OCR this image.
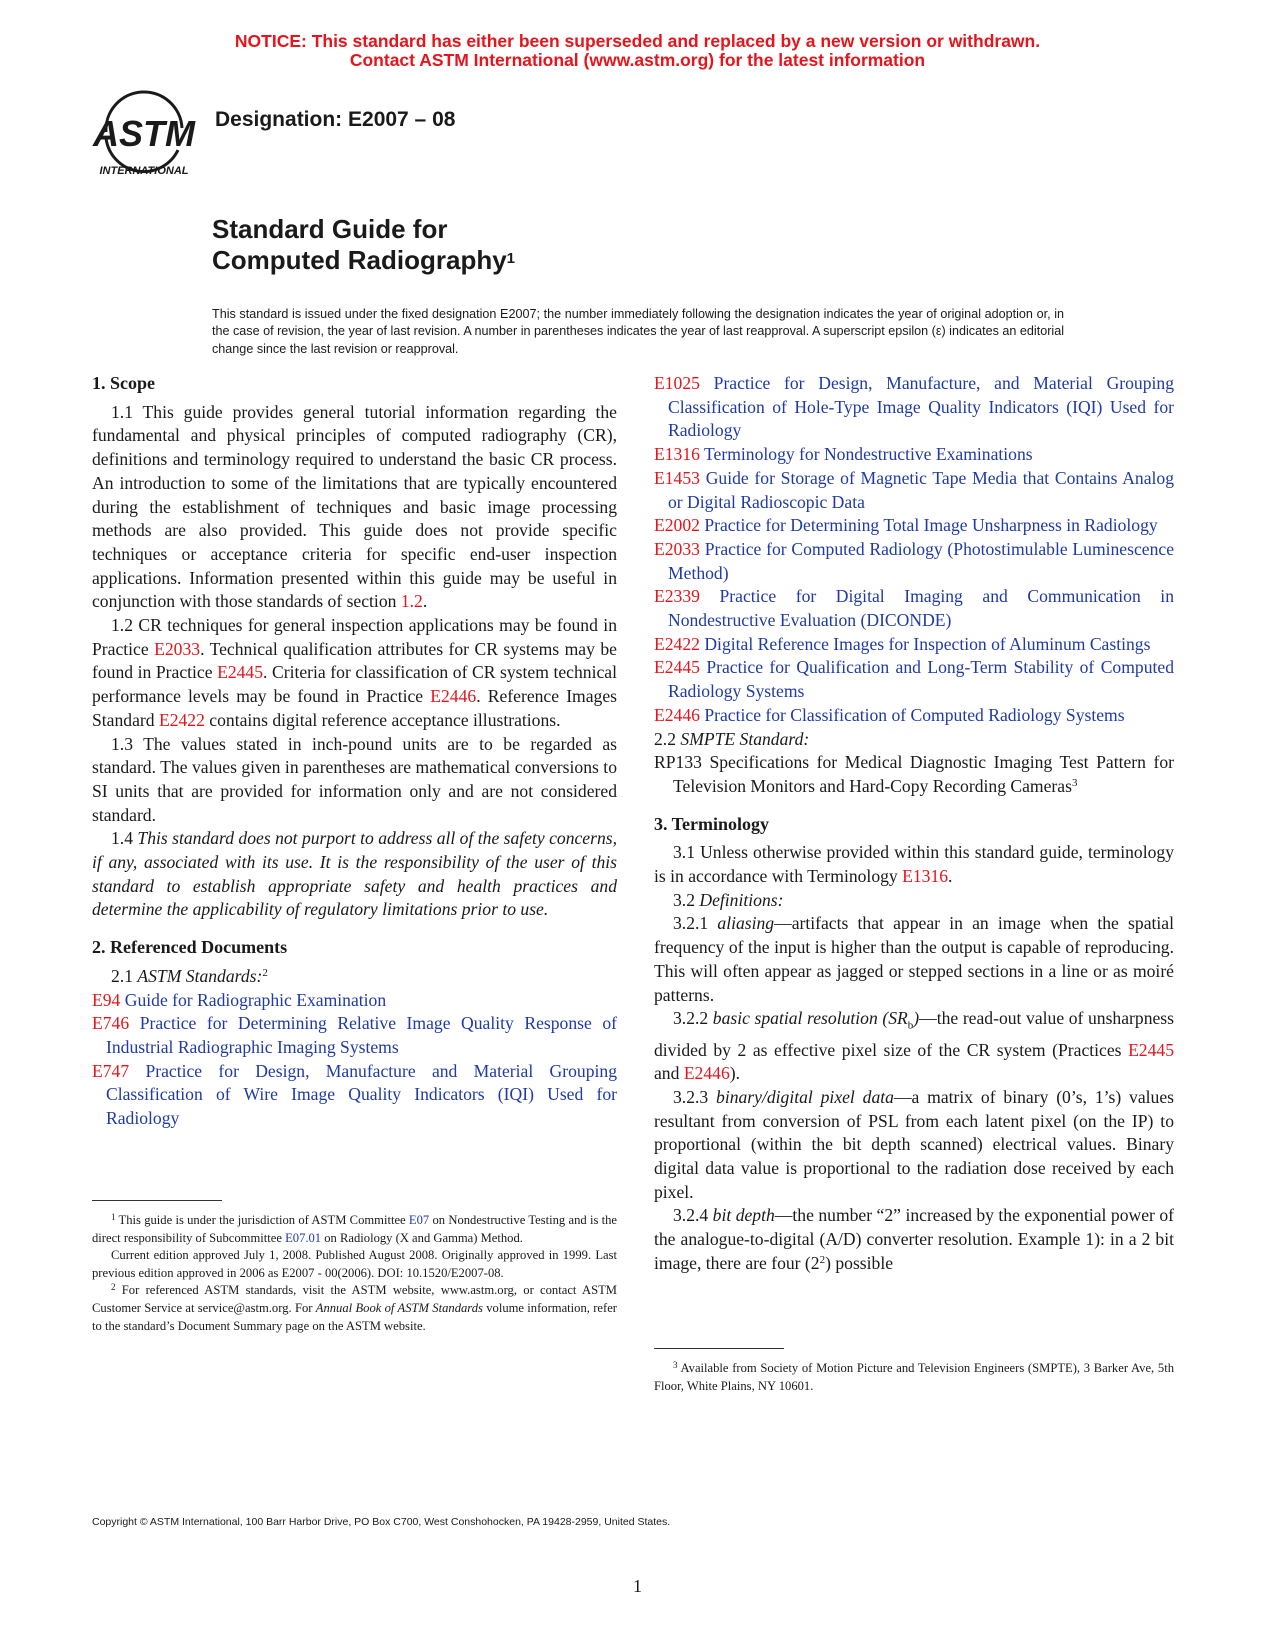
NOTICE: This standard has either been superseded and replaced by a new version or withdrawn.
Contact ASTM International (www.astm.org) for the latest information
ASTM
INTERNATIONAL
Designation: E2007 – 08
Standard Guide for
Computed Radiography$^1$
This standard is issued under the fixed designation E2007; the number immediately following the designation indicates the year of original adoption or, in the case of revision, the year of last revision. A number in parentheses indicates the year of last reapproval. A superscript epsilon (ε) indicates an editorial change since the last revision or reapproval.
1. Scope

1.1 This guide provides general tutorial information regarding the fundamental and physical principles of computed radiography (CR), definitions and terminology required to understand the basic CR process. An introduction to some of the limitations that are typically encountered during the establishment of techniques and basic image processing methods are also provided. This guide does not provide specific techniques or acceptance criteria for specific end-user inspection applications. Information presented within this guide may be useful in conjunction with those standards of section 1.2.

1.2 CR techniques for general inspection applications may be found in Practice E2033. Technical qualification attributes for CR systems may be found in Practice E2445. Criteria for classification of CR system technical performance levels may be found in Practice E2446. Reference Images Standard E2422 contains digital reference acceptance illustrations.

1.3 The values stated in inch-pound units are to be regarded as standard. The values given in parentheses are mathematical conversions to SI units that are provided for information only and are not considered standard.

1.4 This standard does not purport to address all of the safety concerns, if any, associated with its use. It is the responsibility of the user of this standard to establish appropriate safety and health practices and determine the applicability of regulatory limitations prior to use.

2. Referenced Documents

2.1 ASTM Standards:$^2$

E94 Guide for Radiographic Examination

E746 Practice for Determining Relative Image Quality Response of Industrial Radiographic Imaging Systems

E747 Practice for Design, Manufacture and Material Grouping Classification of Wire Image Quality Indicators (IQI) Used for Radiology

$^1$ This guide is under the jurisdiction of ASTM Committee E07 on Nondestructive Testing and is the direct responsibility of Subcommittee E07.01 on Radiology (X and Gamma) Method.

Current edition approved July 1, 2008. Published August 2008. Originally approved in 1999. Last previous edition approved in 2006 as E2007 - 00(2006). DOI: 10.1520/E2007-08.

$^2$ For referenced ASTM standards, visit the ASTM website, www.astm.org, or contact ASTM Customer Service at service@astm.org. For Annual Book of ASTM Standards volume information, refer to the standard’s Document Summary page on the ASTM website.

E1025 Practice for Design, Manufacture, and Material Grouping Classification of Hole-Type Image Quality Indicators (IQI) Used for Radiology

E1316 Terminology for Nondestructive Examinations

E1453 Guide for Storage of Magnetic Tape Media that Contains Analog or Digital Radioscopic Data

E2002 Practice for Determining Total Image Unsharpness in Radiology

E2033 Practice for Computed Radiology (Photostimulable Luminescence Method)

E2339 Practice for Digital Imaging and Communication in Nondestructive Evaluation (DICONDE)

E2422 Digital Reference Images for Inspection of Aluminum Castings

E2445 Practice for Qualification and Long-Term Stability of Computed Radiology Systems

E2446 Practice for Classification of Computed Radiology Systems

2.2 SMPTE Standard:

RP133 Specifications for Medical Diagnostic Imaging Test Pattern for Television Monitors and Hard-Copy Recording Cameras$^3$

3. Terminology

3.1 Unless otherwise provided within this standard guide, terminology is in accordance with Terminology E1316.

3.2 Definitions:

3.2.1 aliasing—artifacts that appear in an image when the spatial frequency of the input is higher than the output is capable of reproducing. This will often appear as jagged or stepped sections in a line or as moiré patterns.

3.2.2 basic spatial resolution $(SR_b)—the$ read-out value of unsharpness divided by 2 as effective pixel size of the CR system (Practices E2445 and E2446).

3.2.3 binary/digital pixel data—a matrix of binary (0’s, 1’s) values resultant from conversion of PSL from each latent pixel (on the IP) to proportional (within the bit depth scanned) electrical values. Binary digital data value is proportional to the radiation dose received by each pixel.

3.2.4 bit depth—the number “2” increased by the exponential power of the analogue-to-digital (A/D) converter resolution. Example 1): in a 2 bit image, there are four $(2^2)$ possible

$^3$ Available from Society of Motion Picture and Television Engineers (SMPTE), 3 Barker Ave, 5th Floor, White Plains, NY 10601.

Copyright © ASTM International, 100 Barr Harbor Drive, PO Box C700, West Conshohocken, PA 19428-2959, United States.
1
